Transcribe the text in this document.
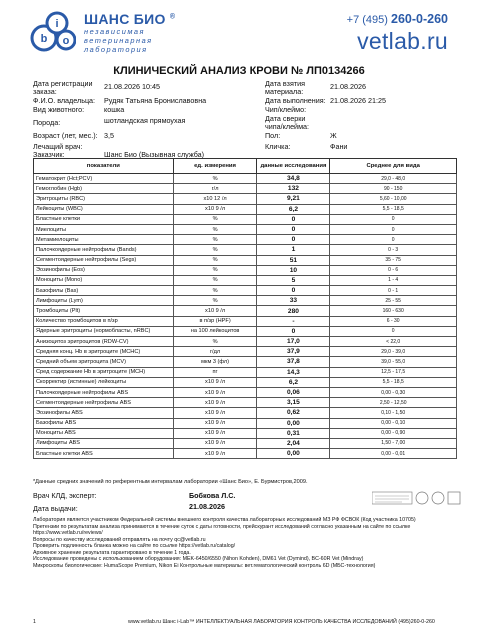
b
i
o
ШАНС БИО ®
независимая
ветеринарная
лаборатория
+7 (495) 260-0-260
vetlab.ru
КЛИНИЧЕСКИЙ АНАЛИЗ КРОВИ № ЛП0134266
Дата регистрации заказа:
21.08.2026 10:45
Ф.И.О. владельца: Рудяк Татьяна Брониславовна
Вид животного:	кошка
Порода:	шотландская прямоухая
Возраст (лет, мес.): 3,5
Лечащий врач:
Заказчик:	Шанс Био (Вызывная служба)
Дата взятия материала:
21.08.2026
Дата выполнения: 21.08.2026 21:25
Чип/клеймо:
Дата сверки чипа/клейма:
Пол:	Ж
Кличка:	Фани
показатели	ед. измерения	данные исследования	Среднее для вида
Гематокрит (Hct;PCV)	%	34,8	29,0 - 48,0
Гемоглобин (Hgb)	г/л	132	90 - 150
Эритроциты (RBC)	x10 12 /л	9,21	5,60 - 10,00
Лейкоциты (WBC)	x10 9 /л	6,2	5,5 - 18,5
Бластные клетки	%	0	0
Миелоциты	%	0	0
Метамиелоциты	%	0	0
Палочкоядерные нейтрофилы (Bands)	%	1	0 - 3
Сегментоядерные нейтрофилы (Segs)	%	51	35 - 75
Эозинофилы (Eos)	%	10	0 - 6
Моноциты (Mono)	%	5	1 - 4
Базофилы (Bas)	%	0	0 - 1
Лимфоциты (Lym)	%	33	25 - 55
Тромбоциты (Plt)	x10 9 /л	280	160 - 630
Количество тромбоцитов в п/зр	в п/зр (HPF)	-	6 - 30
Ядерные эритроциты (нормобласты, nRBC)	на 100 лейкоцитов	0	0
Анизоцитоз эритроцитов (RDW-CV)	%	17,0	< 22,0
Средняя конц. Hb в эритроците (MCHC)	г/дл	37,9	29,0 - 39,0
Средний объем эритроцита (MCV)	мкм 3 (фл)	37,8	39,0 - 55,0
Сред содержание Hb в эритроците (MCH)	пг	14,3	12,5 - 17,5
Скорректир (истинные) лейкоциты	x10 9 /л	6,2	5,5 - 18,5
Палочкоядерные нейтрофилы ABS	x10 9 /л	0,06	0,00 - 0,30
Сегментоядерные нейтрофилы ABS	x10 9 /л	3,15	2,50 - 12,50
Эозинофилы ABS	x10 9 /л	0,62	0,10 - 1,50
Базофилы ABS	x10 9 /л	0,00	0,00 - 0,10
Моноциты ABS	x10 9 /л	0,31	0,00 - 0,90
Лимфоциты ABS	x10 9 /л	2,04	1,50 - 7,00
Бластные клетки ABS	x10 9 /л	0,00	0,00 - 0,01
*Данные средних значений по референтным интервалам лаборатории «Шанс Био», Е. Бурмистров,2009.
Врач КЛД, эксперт:
Дата выдачи:
Бобкова Л.С.
21.08.2026
Лаборатория является участником Федеральной системы внешнего контроля качества лабораторных исследований МЗ РФ ФСВОК (Код участника 10705)
Претензии по результатам анализа принимаются в течение суток с даты готовности, прейскурант исследований согласно указанным на сайте по ссылке https://www.vetlab.ru/reviews/
Вопросы по качеству исследований отправлять на почту qc@vetlab.ru
Проверить подлинность бланка можно на сайте по ссылке https://vetlab.ru/catalog/
Архивное хранение результата гарантировано в течение 1 года.
Исследование проведены с использованием оборудования: MEK-6450/6550 (Nihon Kohden), DM61 Vet (Dymind), BC-60R Vet (Mindray)
Микроскопы биологические: HumaScope Premium, Nikon Ei Контрольные материалы: вет.гематологический контроль 6D (МБС-технология)
1	www.vetlab.ru Шанс i-Lab™ ИНТЕЛЛЕКТУАЛЬНАЯ ЛАБОРАТОРИЯ КОНТРОЛЬ КАЧЕСТВА ИССЛЕДОВАНИЙ (495)260-0-260
